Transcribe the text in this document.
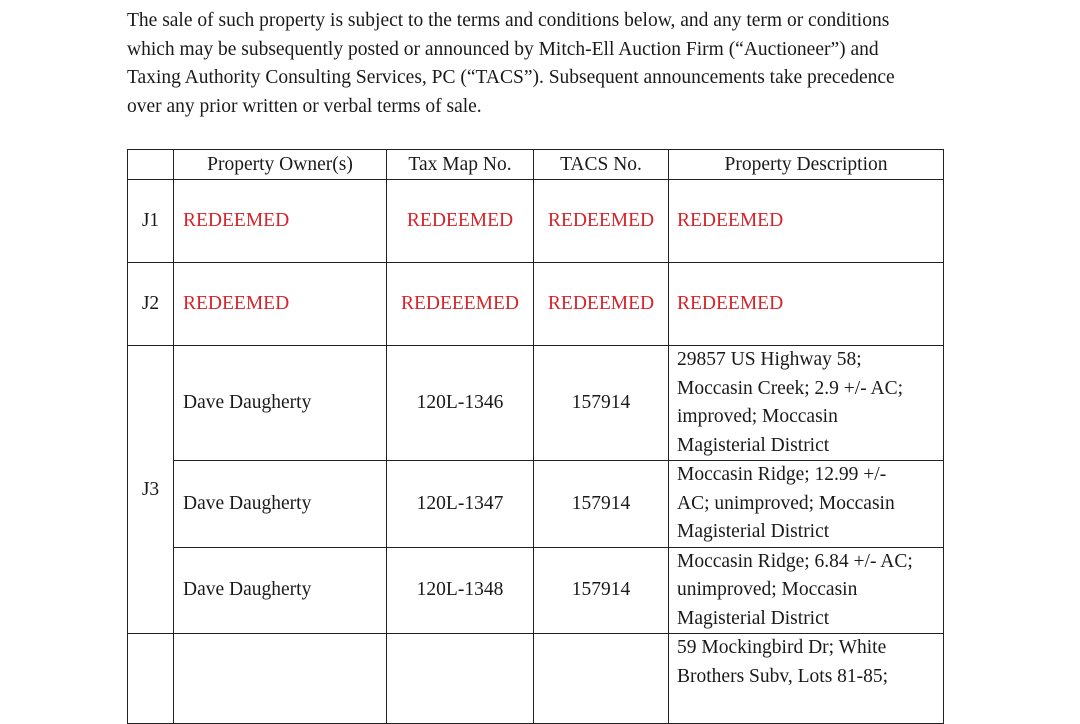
The sale of such property is subject to the terms and conditions below, and any term or conditions
which may be subsequently posted or announced by Mitch-Ell Auction Firm (“Auctioneer”) and
Taxing Authority Consulting Services, PC (“TACS”). Subsequent announcements take precedence
over any prior written or verbal terms of sale.
	Property Owner(s)	Tax Map No.	TACS No.	Property Description
J1	REDEEMED	REDEEMED	REDEEMED	REDEEMED

J2	REDEEMED	REDEEEMED	REDEEMED	REDEEMED

J3	Dave Daugherty	120L-1346	157914	29857 US Highway 58;
Moccasin Creek; 2.9 +/- AC;
improved; Moccasin
Magisterial District

	Dave Daugherty	120L-1347	157914	Moccasin Ridge; 12.99 +/-
AC; unimproved; Moccasin
Magisterial District

	Dave Daugherty	120L-1348	157914	Moccasin Ridge; 6.84 +/- AC;
unimproved; Moccasin
Magisterial District

				59 Mockingbird Dr; White
Brothers Subv, Lots 81-85;
